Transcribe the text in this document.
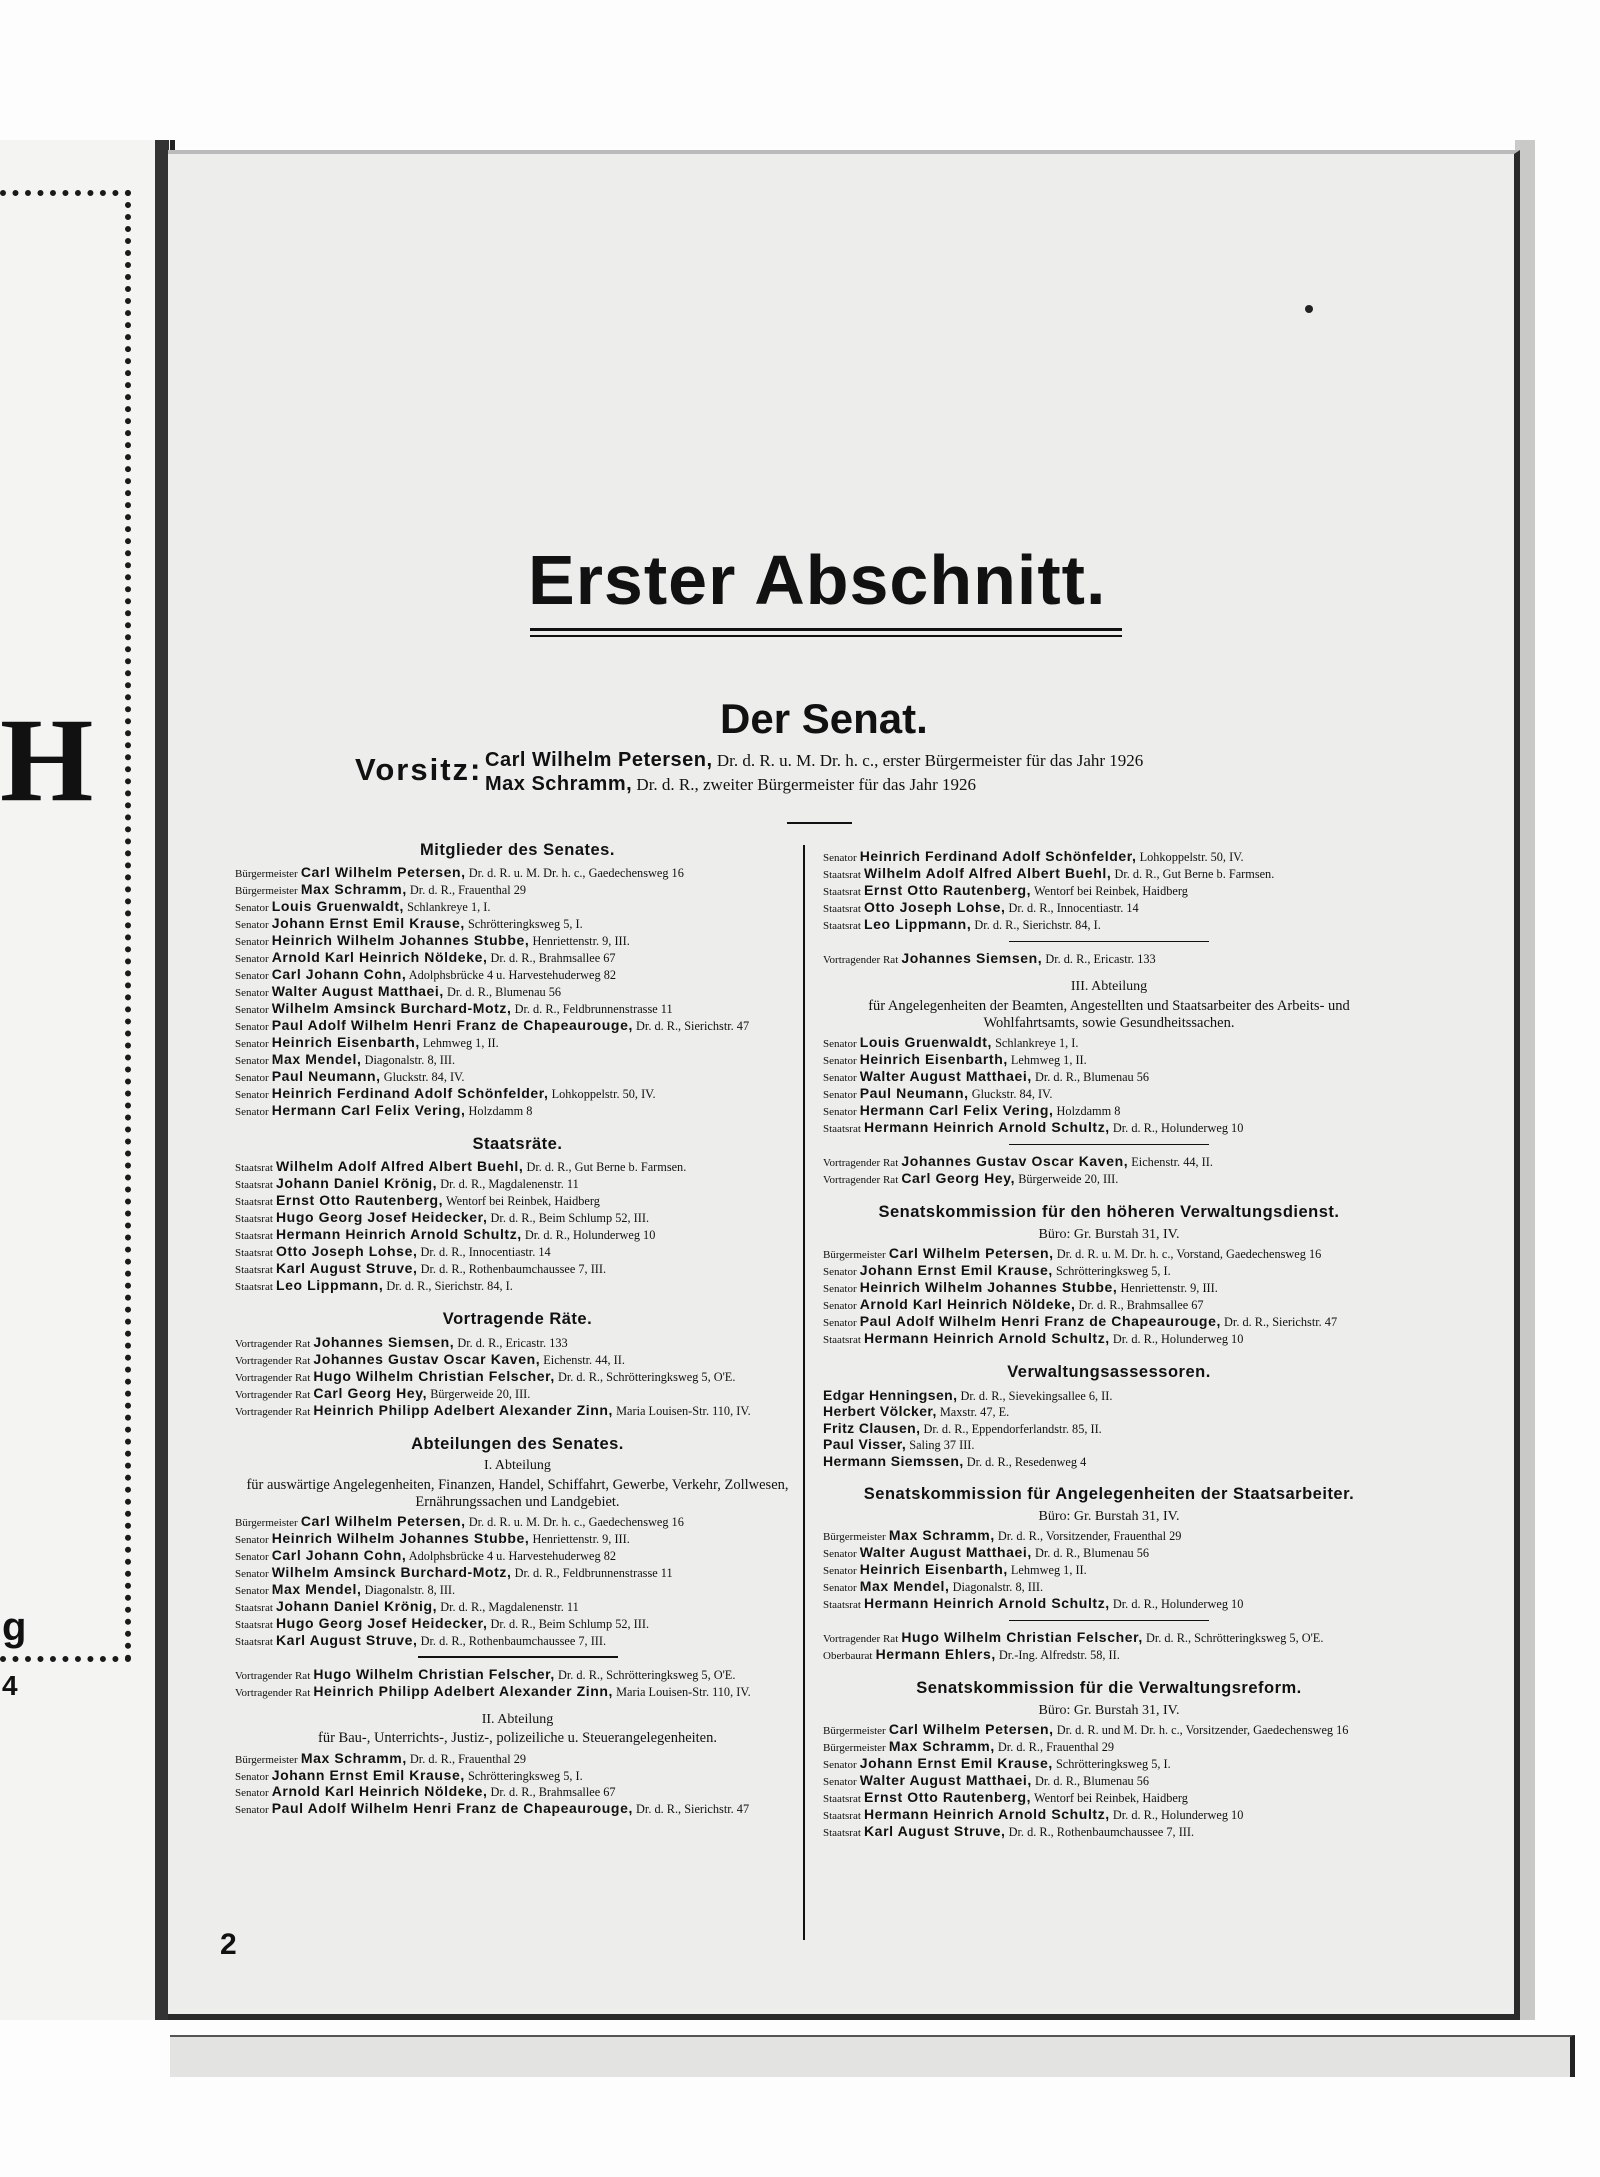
H
g
4
Erster Abschnitt.
Der Senat.
Vorsitz: Carl Wilhelm Petersen, Dr. d. R. u. M. Dr. h. c., erster Bürgermeister für das Jahr 1926
Max Schramm, Dr. d. R., zweiter Bürgermeister für das Jahr 1926
Mitglieder des Senates.

Bürgermeister Carl Wilhelm Petersen, Dr. d. R. u. M. Dr. h. c., Gaedechensweg 16

Bürgermeister Max Schramm, Dr. d. R., Frauenthal 29

Senator Louis Gruenwaldt, Schlankreye 1, I.

Senator Johann Ernst Emil Krause, Schrötteringksweg 5, I.

Senator Heinrich Wilhelm Johannes Stubbe, Henriettenstr. 9, III.

Senator Arnold Karl Heinrich Nöldeke, Dr. d. R., Brahmsallee 67

Senator Carl Johann Cohn, Adolphsbrücke 4 u. Harvestehuderweg 82

Senator Walter August Matthaei, Dr. d. R., Blumenau 56

Senator Wilhelm Amsinck Burchard-Motz, Dr. d. R., Feldbrunnenstrasse 11

Senator Paul Adolf Wilhelm Henri Franz de Chapeaurouge, Dr. d. R., Sierichstr. 47

Senator Heinrich Eisenbarth, Lehmweg 1, II.

Senator Max Mendel, Diagonalstr. 8, III.

Senator Paul Neumann, Gluckstr. 84, IV.

Senator Heinrich Ferdinand Adolf Schönfelder, Lohkoppelstr. 50, IV.

Senator Hermann Carl Felix Vering, Holzdamm 8

Staatsräte.

Staatsrat Wilhelm Adolf Alfred Albert Buehl, Dr. d. R., Gut Berne b. Farmsen.

Staatsrat Johann Daniel Krönig, Dr. d. R., Magdalenenstr. 11

Staatsrat Ernst Otto Rautenberg, Wentorf bei Reinbek, Haidberg

Staatsrat Hugo Georg Josef Heidecker, Dr. d. R., Beim Schlump 52, III.

Staatsrat Hermann Heinrich Arnold Schultz, Dr. d. R., Holunderweg 10

Staatsrat Otto Joseph Lohse, Dr. d. R., Innocentiastr. 14

Staatsrat Karl August Struve, Dr. d. R., Rothenbaumchaussee 7, III.

Staatsrat Leo Lippmann, Dr. d. R., Sierichstr. 84, I.

Vortragende Räte.

Vortragender Rat Johannes Siemsen, Dr. d. R., Ericastr. 133

Vortragender Rat Johannes Gustav Oscar Kaven, Eichenstr. 44, II.

Vortragender Rat Hugo Wilhelm Christian Felscher, Dr. d. R., Schrötteringksweg 5, O'E.

Vortragender Rat Carl Georg Hey, Bürgerweide 20, III.

Vortragender Rat Heinrich Philipp Adelbert Alexander Zinn, Maria Louisen-Str. 110, IV.

Abteilungen des Senates.
I. Abteilung
für auswärtige Angelegenheiten, Finanzen, Handel, Schiffahrt, Gewerbe, Verkehr, Zollwesen, Ernährungssachen und Landgebiet.

Bürgermeister Carl Wilhelm Petersen, Dr. d. R. u. M. Dr. h. c., Gaedechensweg 16

Senator Heinrich Wilhelm Johannes Stubbe, Henriettenstr. 9, III.

Senator Carl Johann Cohn, Adolphsbrücke 4 u. Harvestehuderweg 82

Senator Wilhelm Amsinck Burchard-Motz, Dr. d. R., Feldbrunnenstrasse 11

Senator Max Mendel, Diagonalstr. 8, III.

Staatsrat Johann Daniel Krönig, Dr. d. R., Magdalenenstr. 11

Staatsrat Hugo Georg Josef Heidecker, Dr. d. R., Beim Schlump 52, III.

Staatsrat Karl August Struve, Dr. d. R., Rothenbaumchaussee 7, III.

Vortragender Rat Hugo Wilhelm Christian Felscher, Dr. d. R., Schrötteringksweg 5, O'E.

Vortragender Rat Heinrich Philipp Adelbert Alexander Zinn, Maria Louisen-Str. 110, IV.

II. Abteilung
für Bau-, Unterrichts-, Justiz-, polizeiliche u. Steuerangelegenheiten.

Bürgermeister Max Schramm, Dr. d. R., Frauenthal 29

Senator Johann Ernst Emil Krause, Schrötteringksweg 5, I.

Senator Arnold Karl Heinrich Nöldeke, Dr. d. R., Brahmsallee 67

Senator Paul Adolf Wilhelm Henri Franz de Chapeaurouge, Dr. d. R., Sierichstr. 47

Senator Heinrich Ferdinand Adolf Schönfelder, Lohkoppelstr. 50, IV.

Staatsrat Wilhelm Adolf Alfred Albert Buehl, Dr. d. R., Gut Berne b. Farmsen.

Staatsrat Ernst Otto Rautenberg, Wentorf bei Reinbek, Haidberg

Staatsrat Otto Joseph Lohse, Dr. d. R., Innocentiastr. 14

Staatsrat Leo Lippmann, Dr. d. R., Sierichstr. 84, I.

Vortragender Rat Johannes Siemsen, Dr. d. R., Ericastr. 133

III. Abteilung
für Angelegenheiten der Beamten, Angestellten und Staatsarbeiter des Arbeits- und Wohlfahrtsamts, sowie Gesundheitssachen.

Senator Louis Gruenwaldt, Schlankreye 1, I.

Senator Heinrich Eisenbarth, Lehmweg 1, II.

Senator Walter August Matthaei, Dr. d. R., Blumenau 56

Senator Paul Neumann, Gluckstr. 84, IV.

Senator Hermann Carl Felix Vering, Holzdamm 8

Staatsrat Hermann Heinrich Arnold Schultz, Dr. d. R., Holunderweg 10

Vortragender Rat Johannes Gustav Oscar Kaven, Eichenstr. 44, II.

Vortragender Rat Carl Georg Hey, Bürgerweide 20, III.

Senatskommission für den höheren Verwaltungsdienst.
Büro: Gr. Burstah 31, IV.

Bürgermeister Carl Wilhelm Petersen, Dr. d. R. u. M. Dr. h. c., Vorstand, Gaedechensweg 16

Senator Johann Ernst Emil Krause, Schrötteringksweg 5, I.

Senator Heinrich Wilhelm Johannes Stubbe, Henriettenstr. 9, III.

Senator Arnold Karl Heinrich Nöldeke, Dr. d. R., Brahmsallee 67

Senator Paul Adolf Wilhelm Henri Franz de Chapeaurouge, Dr. d. R., Sierichstr. 47

Staatsrat Hermann Heinrich Arnold Schultz, Dr. d. R., Holunderweg 10

Verwaltungsassessoren.

Edgar Henningsen, Dr. d. R., Sievekingsallee 6, II.

Herbert Völcker, Maxstr. 47, E.

Fritz Clausen, Dr. d. R., Eppendorferlandstr. 85, II.

Paul Visser, Saling 37 III.

Hermann Siemssen, Dr. d. R., Resedenweg 4

Senatskommission für Angelegenheiten der Staatsarbeiter.
Büro: Gr. Burstah 31, IV.

Bürgermeister Max Schramm, Dr. d. R., Vorsitzender, Frauenthal 29

Senator Walter August Matthaei, Dr. d. R., Blumenau 56

Senator Heinrich Eisenbarth, Lehmweg 1, II.

Senator Max Mendel, Diagonalstr. 8, III.

Staatsrat Hermann Heinrich Arnold Schultz, Dr. d. R., Holunderweg 10

Vortragender Rat Hugo Wilhelm Christian Felscher, Dr. d. R., Schrötteringksweg 5, O'E.

Oberbaurat Hermann Ehlers, Dr.-Ing. Alfredstr. 58, II.

Senatskommission für die Verwaltungsreform.
Büro: Gr. Burstah 31, IV.

Bürgermeister Carl Wilhelm Petersen, Dr. d. R. und M. Dr. h. c., Vorsitzender, Gaedechensweg 16

Bürgermeister Max Schramm, Dr. d. R., Frauenthal 29

Senator Johann Ernst Emil Krause, Schrötteringksweg 5, I.

Senator Walter August Matthaei, Dr. d. R., Blumenau 56

Staatsrat Ernst Otto Rautenberg, Wentorf bei Reinbek, Haidberg

Staatsrat Hermann Heinrich Arnold Schultz, Dr. d. R., Holunderweg 10

Staatsrat Karl August Struve, Dr. d. R., Rothenbaumchaussee 7, III.

2
